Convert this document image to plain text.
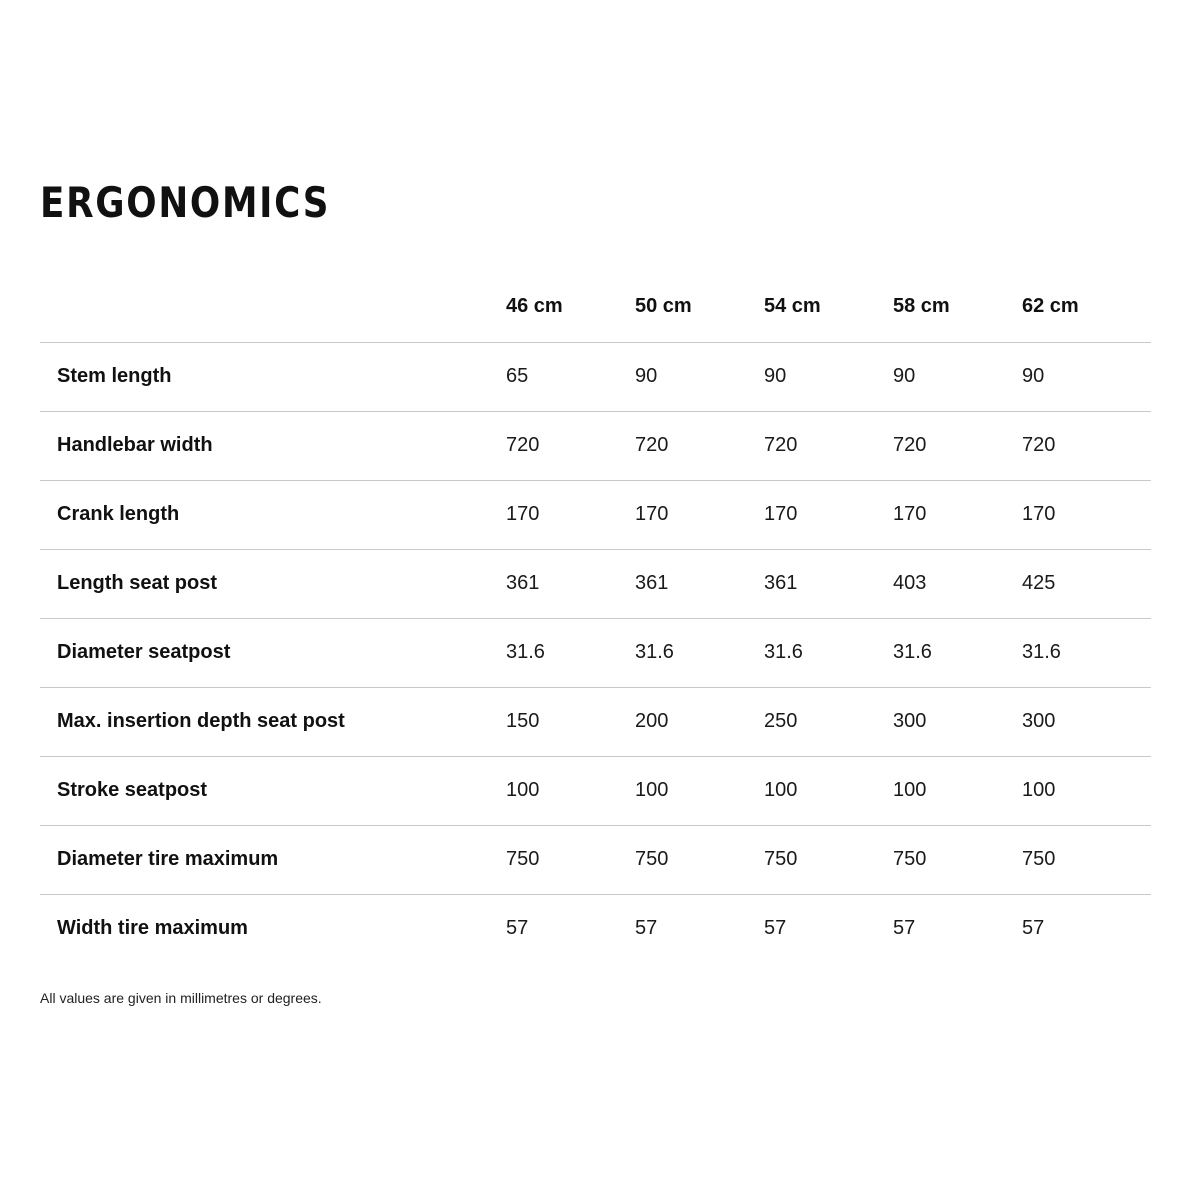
ERGONOMICS
	46 cm	50 cm	54 cm	58 cm	62 cm
Stem length	65	90	90	90	90
Handlebar width	720	720	720	720	720
Crank length	170	170	170	170	170
Length seat post	361	361	361	403	425
Diameter seatpost	31.6	31.6	31.6	31.6	31.6
Max. insertion depth seat post	150	200	250	300	300
Stroke seatpost	100	100	100	100	100
Diameter tire maximum	750	750	750	750	750
Width tire maximum	57	57	57	57	57

All values are given in millimetres or degrees.
